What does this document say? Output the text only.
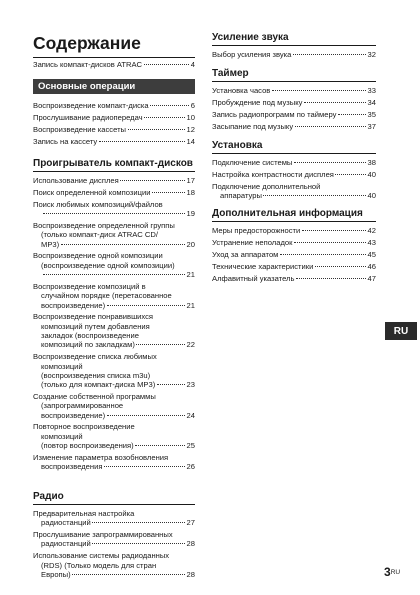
Содержание
Запись компакт-дисков ATRAC	4
Основные операции
Воспроизведение компакт-диска	6
Прослушивание радиопередач	10
Воспроизведение кассеты	12
Запись на кассету	14
Проигрыватель компакт-дисков
Использование дисплея	17
Поиск определенной композиции	18
Поиск любимых композиций/файлов
19
Воспроизведение определенной группы
(только компакт-диск ATRAC CD/
MP3)	20
Воспроизведение одной композиции
(воспроизведение одной композиции)
21
Воспроизведение композиций в
случайном порядке (перетасованное
воспроизведение)	21
Воспроизведение понравившихся
композиций путем добавления
закладок (воспроизведение
композиций по закладкам)	22
Воспроизведение списка любимых
композиций
(воспроизведения списка m3u)
(только для компакт-диска MP3)	23
Создание собственной программы
(запрограммированное
воспроизведение)	24
Повторное воспроизведение
композиций
(повтор воспроизведения)	25
Изменение параметра возобновления
воспроизведения	26
Радио
Предварительная настройка
радиостанций	27
Прослушивание запрограммированных
радиостанций	28
Использование системы радиоданных
(RDS) (Только модель для стран
Европы)	28
Усиление звука
Выбор усиления звука	32
Таймер
Установка часов	33
Пробуждение под музыку	34
Запись радиопрограмм по таймеру	35
Засыпание под музыку	37
Установка
Подключение системы	38
Настройка контрастности дисплея	40
Подключение дополнительной
аппаратуры	40
Дополнительная информация
Меры предосторожности	42
Устранение неполадок	43
Уход за аппаратом	45
Технические характеристики	46
Алфавитный указатель	47
RU
$3^{RU}$
